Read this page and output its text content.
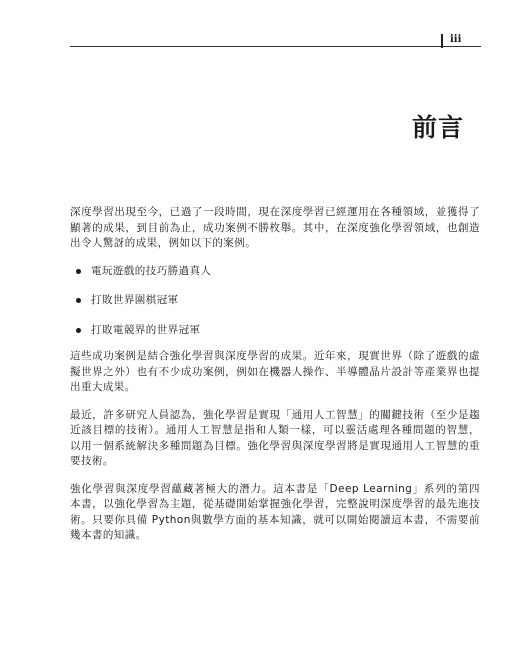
iii
前言

深度學習出現至今，已過了一段時間，現在深度學習已經運用在各種領域，並獲得了顯著的成果，到目前為止，成功案例不勝枚舉。其中，在深度強化學習領域，也創造出令人驚訝的成果，例如以下的案例。

電玩遊戲的技巧勝過真人
打敗世界圍棋冠軍
打敗電競界的世界冠軍

這些成功案例是結合強化學習與深度學習的成果。近年來，現實世界（除了遊戲的虛擬世界之外）也有不少成功案例，例如在機器人操作、半導體晶片設計等產業界也提出重大成果。

最近，許多研究人員認為，強化學習是實現「通用人工智慧」的關鍵技術（至少是趨近該目標的技術）。通用人工智慧是指和人類一樣，可以靈活處理各種問題的智慧，以用一個系統解決多種問題為目標。強化學習與深度學習將是實現通用人工智慧的重要技術。

強化學習與深度學習蘊藏著極大的潛力。這本書是「Deep Learning」系列的第四本書，以強化學習為主題，從基礎開始掌握強化學習，完整說明深度學習的最先進技術。只要你具備 Python與數學方面的基本知識，就可以開始閱讀這本書，不需要前幾本書的知識。
